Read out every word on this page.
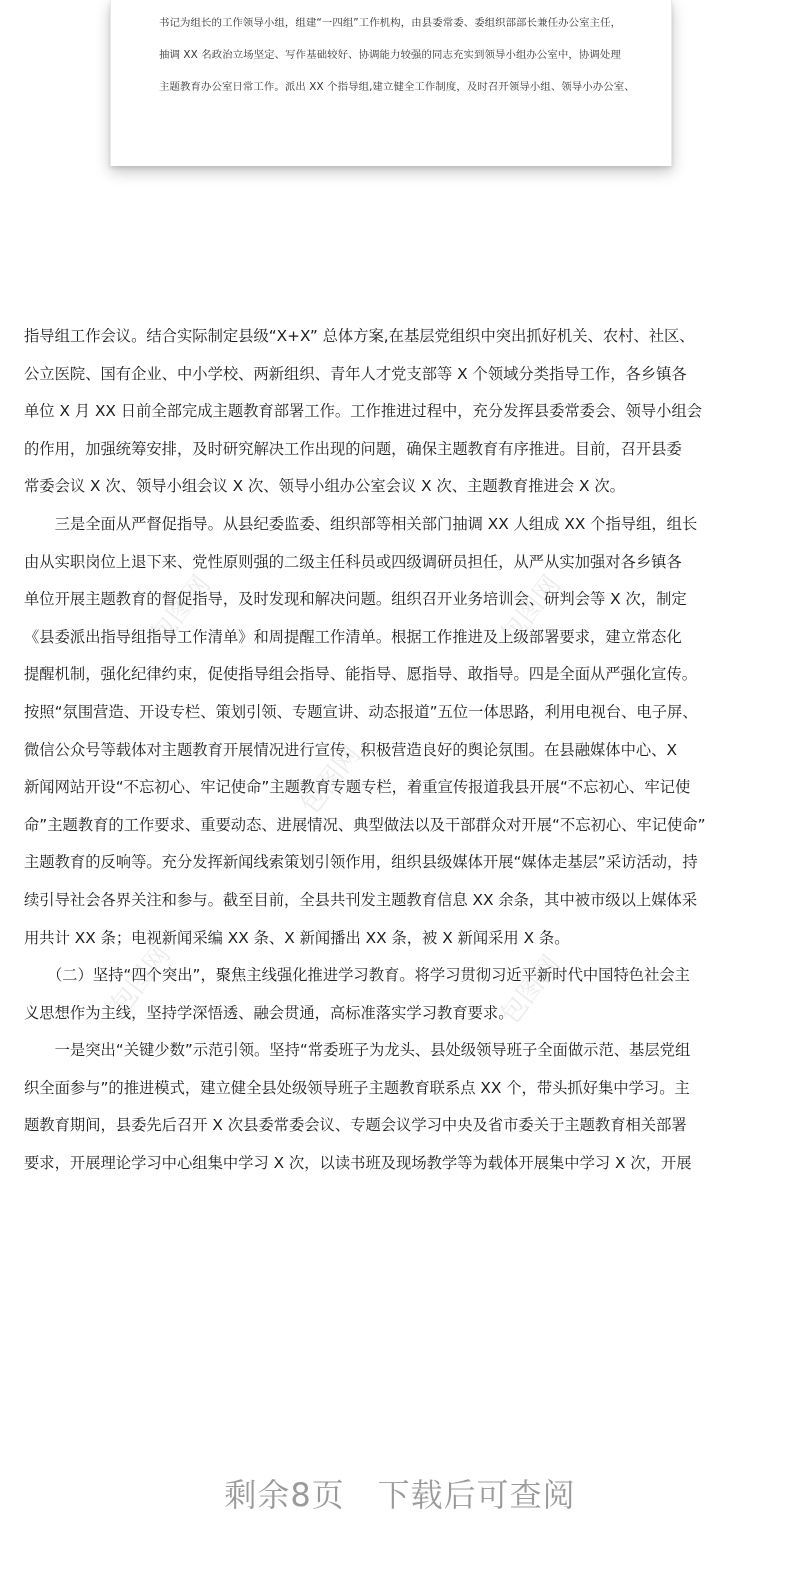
书记为组长的工作领导小组，组建“一四组”工作机构，由县委常委、委组织部部长兼任办公室主任，
抽调 XX 名政治立场坚定、写作基础较好、协调能力较强的同志充实到领导小组办公室中，协调处理
主题教育办公室日常工作。派出 XX 个指导组,建立健全工作制度，及时召开领导小组、领导小办公室、
包图网	包图网
包图网
包图网	包图网
指导组工作会议。结合实际制定县级“X+X” 总体方案,在基层党组织中突出抓好机关、农村、社区、
公立医院、国有企业、中小学校、两新组织、青年人才党支部等 X 个领域分类指导工作，各乡镇各
单位 X 月 XX 日前全部完成主题教育部署工作。工作推进过程中，充分发挥县委常委会、领导小组会
的作用，加强统筹安排，及时研究解决工作出现的问题，确保主题教育有序推进。目前，召开县委
常委会议 X 次、领导小组会议 X 次、领导小组办公室会议 X 次、主题教育推进会 X 次。
　　三是全面从严督促指导。从县纪委监委、组织部等相关部门抽调 XX 人组成 XX 个指导组，组长
由从实职岗位上退下来、党性原则强的二级主任科员或四级调研员担任，从严从实加强对各乡镇各
单位开展主题教育的督促指导，及时发现和解决问题。组织召开业务培训会、研判会等 X 次，制定
《县委派出指导组指导工作清单》和周提醒工作清单。根据工作推进及上级部署要求，建立常态化
提醒机制，强化纪律约束，促使指导组会指导、能指导、愿指导、敢指导。四是全面从严强化宣传。
按照“氛围营造、开设专栏、策划引领、专题宣讲、动态报道”五位一体思路，利用电视台、电子屏、
微信公众号等载体对主题教育开展情况进行宣传，积极营造良好的舆论氛围。在县融媒体中心、X
新闻网站开设“不忘初心、牢记使命”主题教育专题专栏，着重宣传报道我县开展“不忘初心、牢记使
命”主题教育的工作要求、重要动态、进展情况、典型做法以及干部群众对开展“不忘初心、牢记使命”
主题教育的反响等。充分发挥新闻线索策划引领作用，组织县级媒体开展“媒体走基层”采访活动，持
续引导社会各界关注和参与。截至目前，全县共刊发主题教育信息 XX 余条，其中被市级以上媒体采
用共计 XX 条；电视新闻采编 XX 条、X 新闻播出 XX 条，被 X 新闻采用 X 条。
　　（二）坚持“四个突出”，聚焦主线强化推进学习教育。将学习贯彻习近平新时代中国特色社会主
义思想作为主线，坚持学深悟透、融会贯通，高标准落实学习教育要求。
　　一是突出“关键少数”示范引领。坚持“常委班子为龙头、县处级领导班子全面做示范、基层党组
织全面参与”的推进模式，建立健全县处级领导班子主题教育联系点 XX 个，带头抓好集中学习。主
题教育期间，县委先后召开 X 次县委常委会议、专题会议学习中央及省市委关于主题教育相关部署
要求，开展理论学习中心组集中学习 X 次，以读书班及现场教学等为载体开展集中学习 X 次，开展
剩余8页　下载后可查阅
